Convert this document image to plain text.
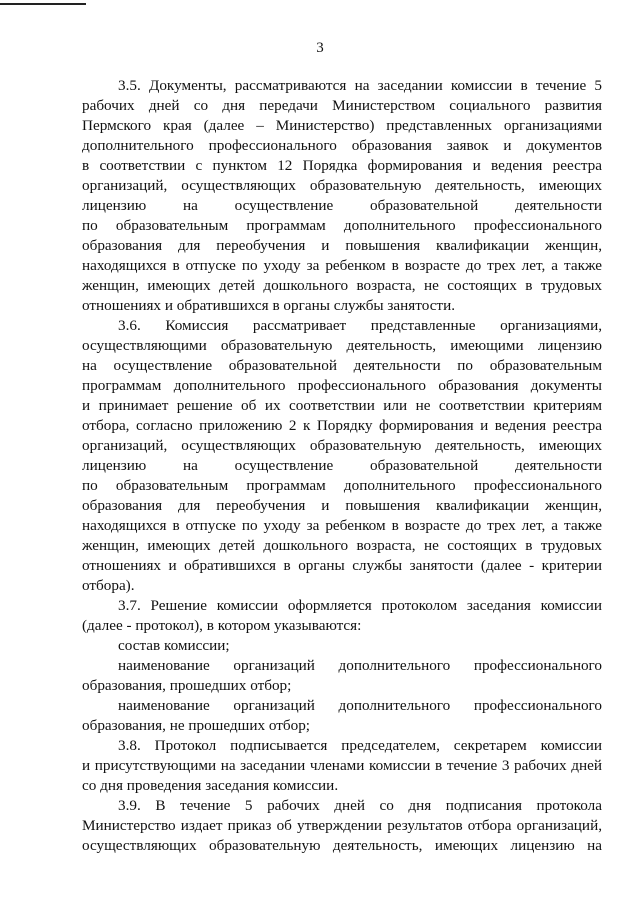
3
3.5. Документы, рассматриваются на заседании комиссии в течение 5
рабочих дней со дня передачи Министерством социального развития
Пермского края (далее – Министерство) представленных организациями
дополнительного профессионального образования заявок и документов
в соответствии с пунктом 12 Порядка формирования и ведения реестра
организаций, осуществляющих образовательную деятельность, имеющих
лицензию на осуществление образовательной деятельности
по образовательным программам дополнительного профессионального
образования для переобучения и повышения квалификации женщин,
находящихся в отпуске по уходу за ребенком в возрасте до трех лет, а также
женщин, имеющих детей дошкольного возраста, не состоящих в трудовых
отношениях и обратившихся в органы службы занятости.
3.6. Комиссия рассматривает представленные организациями,
осуществляющими образовательную деятельность, имеющими лицензию
на осуществление образовательной деятельности по образовательным
программам дополнительного профессионального образования документы
и принимает решение об их соответствии или не соответствии критериям
отбора, согласно приложению 2 к Порядку формирования и ведения реестра
организаций, осуществляющих образовательную деятельность, имеющих
лицензию на осуществление образовательной деятельности
по образовательным программам дополнительного профессионального
образования для переобучения и повышения квалификации женщин,
находящихся в отпуске по уходу за ребенком в возрасте до трех лет, а также
женщин, имеющих детей дошкольного возраста, не состоящих в трудовых
отношениях и обратившихся в органы службы занятости (далее - критерии
отбора).
3.7. Решение комиссии оформляется протоколом заседания комиссии
(далее - протокол), в котором указываются:
состав комиссии;
наименование организаций дополнительного профессионального
образования, прошедших отбор;
наименование организаций дополнительного профессионального
образования, не прошедших отбор;
3.8. Протокол подписывается председателем, секретарем комиссии
и присутствующими на заседании членами комиссии в течение 3 рабочих дней
со дня проведения заседания комиссии.
3.9. В течение 5 рабочих дней со дня подписания протокола
Министерство издает приказ об утверждении результатов отбора организаций,
осуществляющих образовательную деятельность, имеющих лицензию на
